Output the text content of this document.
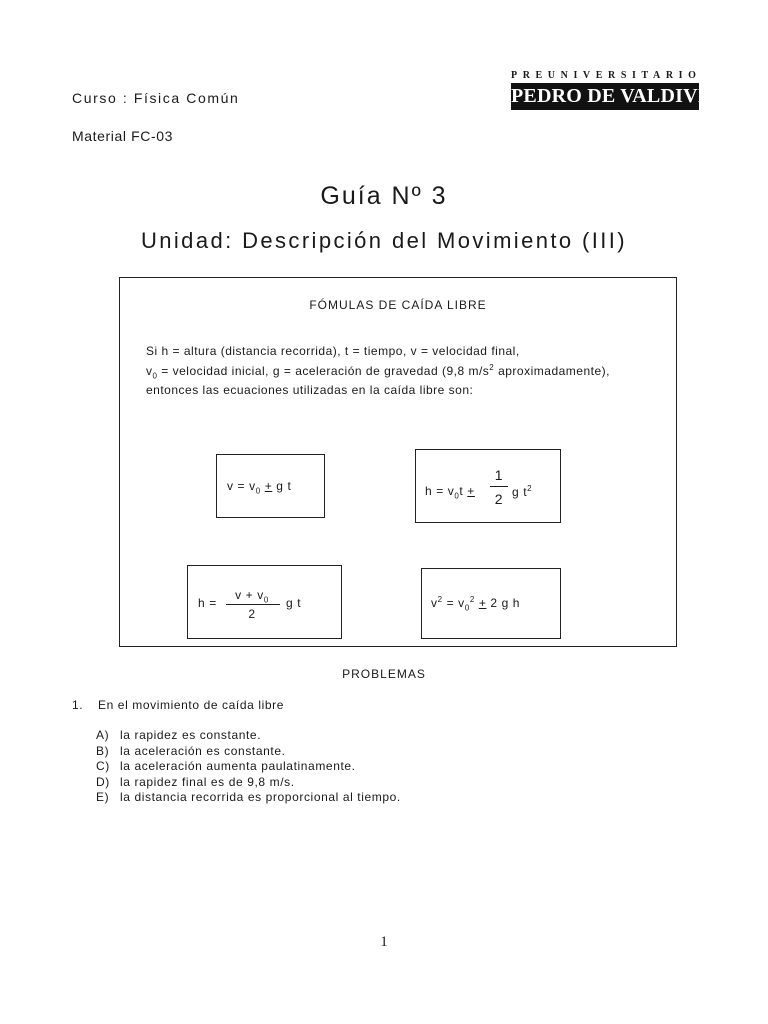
Curso : Física Común
Material FC-03
PREUNIVERSITARIO
PEDRO DE VALDIVIA
Guía Nº 3
Unidad: Descripción del Movimiento (III)
FÓMULAS DE CAÍDA LIBRE
Si h = altura (distancia recorrida), t = tiempo, v = velocidad final,
$v_0$ = velocidad inicial, g = aceleración de gravedad (9,8 $m/s^2$ aproximadamente),
entonces las ecuaciones utilizadas en la caída libre son:
$v = v_0 + g$ t	$h = v_0t$ +
1
2 g $t^2$
h =
$v + v_0$
2
g t	$v^2 = v_0^2 + 2$ g h
PROBLEMAS
1. En el movimiento de caída libre
A) la rapidez es constante.
B) la aceleración es constante.
C) la aceleración aumenta paulatinamente.
D) la rapidez final es de 9,8 m/s.
E) la distancia recorrida es proporcional al tiempo.
1
